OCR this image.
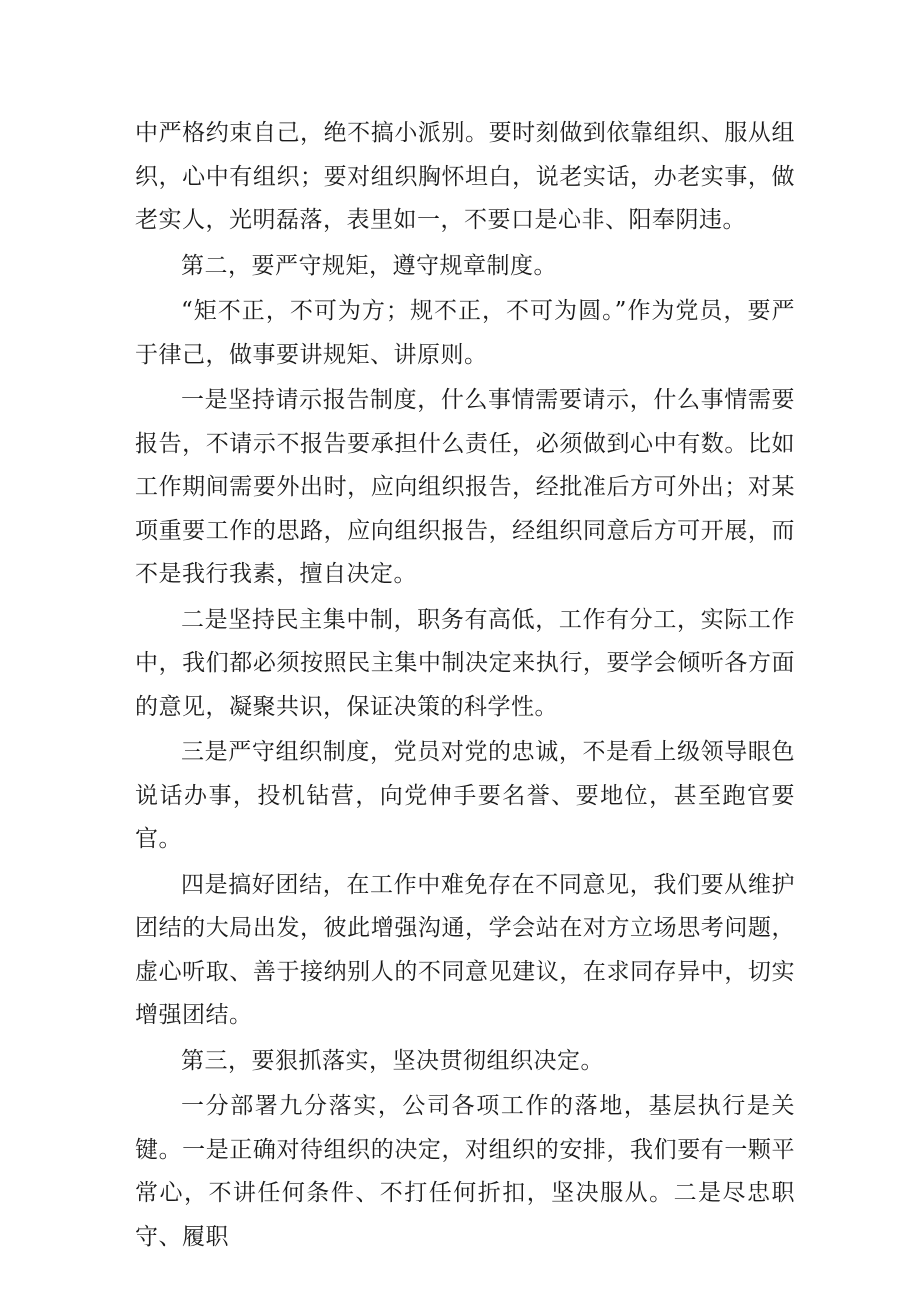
中严格约束自己，绝不搞小派别。要时刻做到依靠组织、服从组织，心中有组织；要对组织胸怀坦白，说老实话，办老实事，做老实人，光明磊落，表里如一，不要口是心非、阳奉阴违。

第二，要严守规矩，遵守规章制度。

“矩不正，不可为方；规不正，不可为圆。”作为党员，要严于律己，做事要讲规矩、讲原则。

一是坚持请示报告制度，什么事情需要请示，什么事情需要报告，不请示不报告要承担什么责任，必须做到心中有数。比如工作期间需要外出时，应向组织报告，经批准后方可外出；对某项重要工作的思路，应向组织报告，经组织同意后方可开展，而不是我行我素，擅自决定。

二是坚持民主集中制，职务有高低，工作有分工，实际工作中，我们都必须按照民主集中制决定来执行，要学会倾听各方面的意见，凝聚共识，保证决策的科学性。

三是严守组织制度，党员对党的忠诚，不是看上级领导眼色说话办事，投机钻营，向党伸手要名誉、要地位，甚至跑官要官。

四是搞好团结，在工作中难免存在不同意见，我们要从维护团结的大局出发，彼此增强沟通，学会站在对方立场思考问题，虚心听取、善于接纳别人的不同意见建议，在求同存异中，切实增强团结。

第三，要狠抓落实，坚决贯彻组织决定。

一分部署九分落实，公司各项工作的落地，基层执行是关键。一是正确对待组织的决定，对组织的安排，我们要有一颗平常心，不讲任何条件、不打任何折扣，坚决服从。二是尽忠职守、履职
